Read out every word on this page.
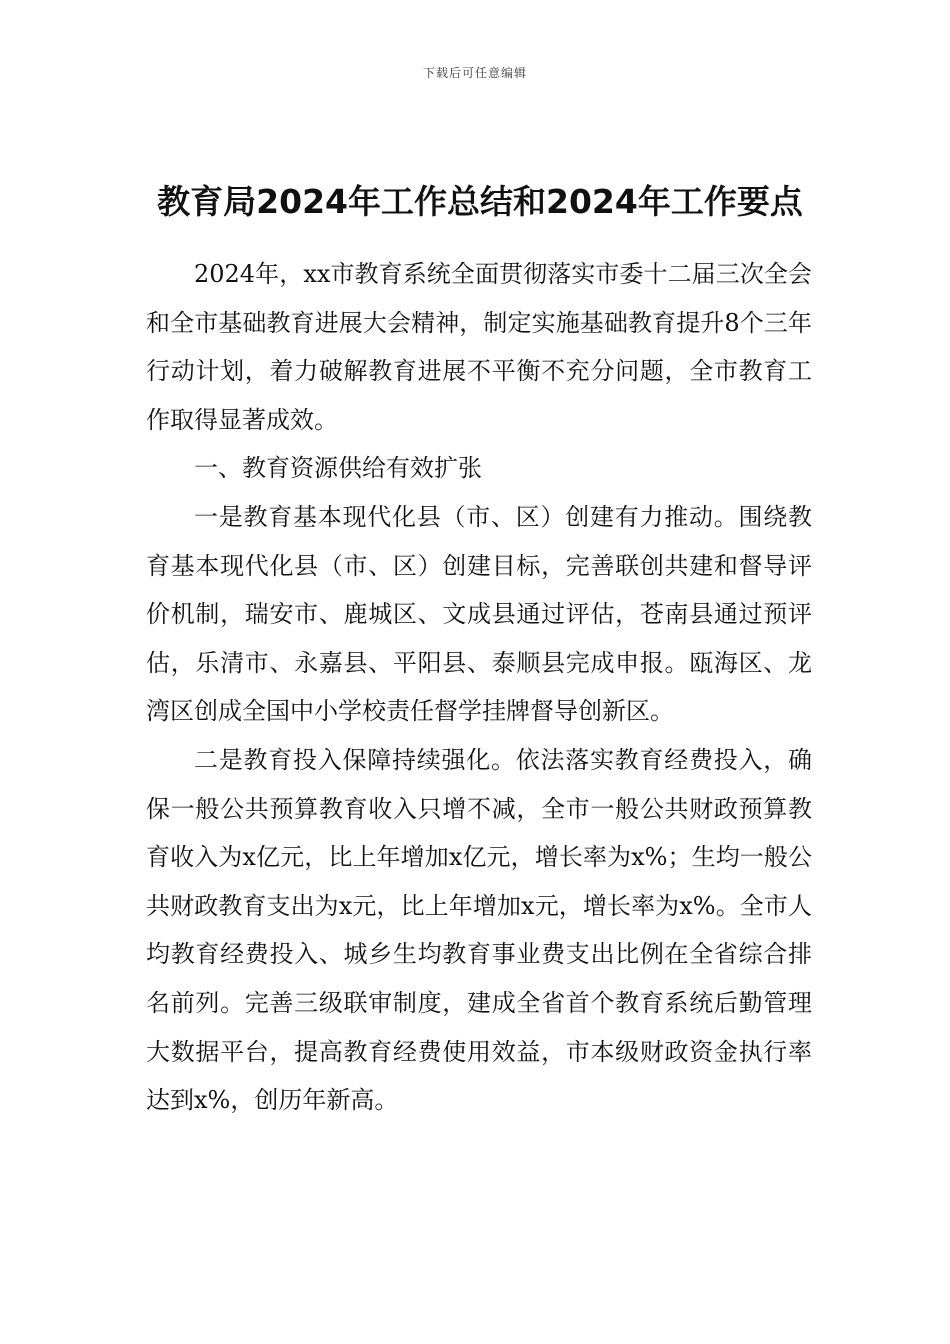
下载后可任意编辑
教育局2024年工作总结和2024年工作要点

2024年，xx市教育系统全面贯彻落实市委十二届三次全会和全市基础教育进展大会精神，制定实施基础教育提升8个三年行动计划，着力破解教育进展不平衡不充分问题，全市教育工作取得显著成效。

一、教育资源供给有效扩张

一是教育基本现代化县（市、区）创建有力推动。围绕教育基本现代化县（市、区）创建目标，完善联创共建和督导评价机制，瑞安市、鹿城区、文成县通过评估，苍南县通过预评估，乐清市、永嘉县、平阳县、泰顺县完成申报。瓯海区、龙湾区创成全国中小学校责任督学挂牌督导创新区。

二是教育投入保障持续强化。依法落实教育经费投入，确保一般公共预算教育收入只增不减，全市一般公共财政预算教育收入为x亿元，比上年增加x亿元，增长率为x%；生均一般公共财政教育支出为x元，比上年增加x元，增长率为x%。全市人均教育经费投入、城乡生均教育事业费支出比例在全省综合排名前列。完善三级联审制度，建成全省首个教育系统后勤管理大数据平台，提高教育经费使用效益，市本级财政资金执行率达到x%，创历年新高。
